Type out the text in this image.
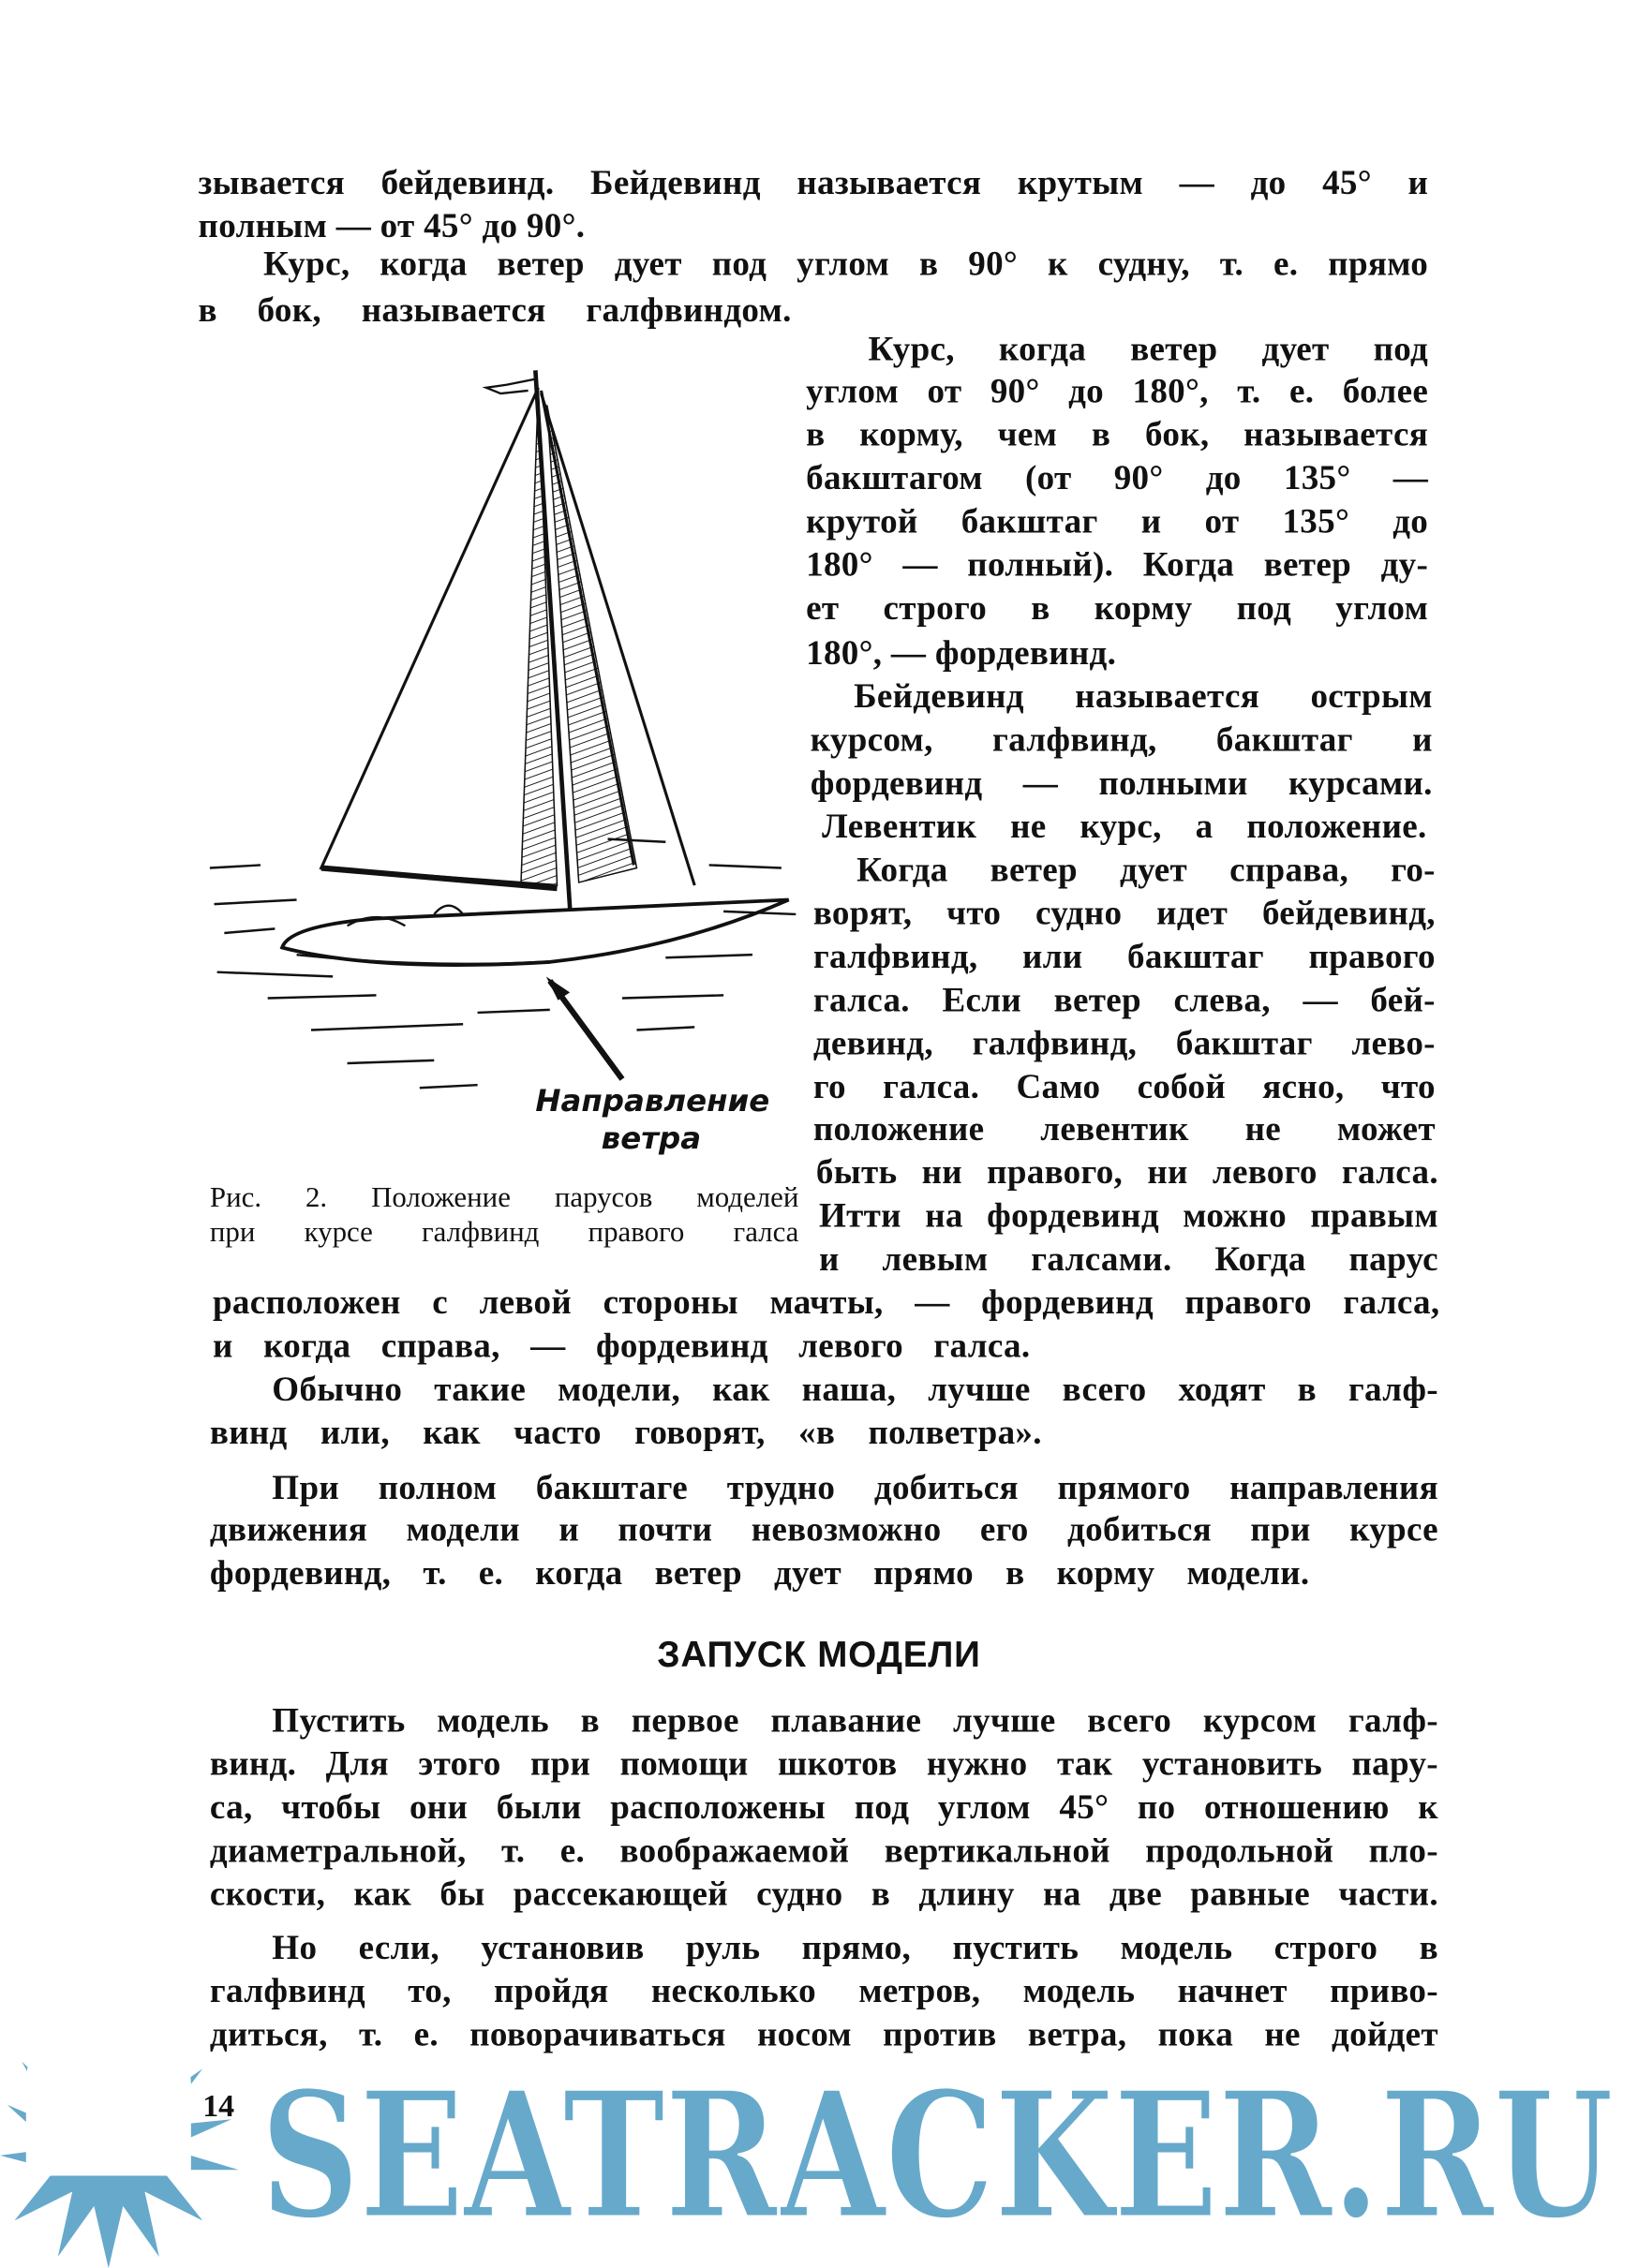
зывается бейдевинд. Бейдевинд называется крутым — до 45° и
полным — от 45° до 90°.
Курс, когда ветер дует под углом в 90° к судну, т. е. прямо
в бок, называется галфвиндом.
Курс, когда ветер дует под
углом от 90° до 180°, т. е. более
в корму, чем в бок, называется
бакштагом (от 90° до 135° —
крутой бакштаг и от 135° до
180° — полный). Когда ветер ду-
ет строго в корму под углом
180°, — фордевинд.
Бейдевинд называется острым
курсом, галфвинд, бакштаг и
фордевинд — полными курсами.
Левентик не курс, а положение.
Когда ветер дует справа, го-
ворят, что судно идет бейдевинд,
галфвинд, или бакштаг правого
галса. Если ветер слева, — бей-
девинд, галфвинд, бакштаг лево-
го галса. Само собой ясно, что
положение левентик не может
быть ни правого, ни левого галса.
Итти на фордевинд можно правым
и левым галсами. Когда парус
расположен с левой стороны мачты, — фордевинд правого галса,
и когда справа, — фордевинд левого галса.
Обычно такие модели, как наша, лучше всего ходят в галф-
винд или, как часто говорят, «в полветра».
При полном бакштаге трудно добиться прямого направления
движения модели и почти невозможно его добиться при курсе
фордевинд, т. е. когда ветер дует прямо в корму модели.
ЗАПУСК МОДЕЛИ
Пустить модель в первое плавание лучше всего курсом галф-
винд. Для этого при помощи шкотов нужно так установить пару-
са, чтобы они были расположены под углом 45° по отношению к
диаметральной, т. е. воображаемой вертикальной продольной пло-
скости, как бы рассекающей судно в длину на две равные части.
Но если, установив руль прямо, пустить модель строго в
галфвинд то, пройдя несколько метров, модель начнет приво-
диться, т. е. поворачиваться носом против ветра, пока не дойдет
Направление
ветра
Рис. 2. Положение парусов моделей
при курсе галфвинд правого галса
14 SEATRACKER.RU
